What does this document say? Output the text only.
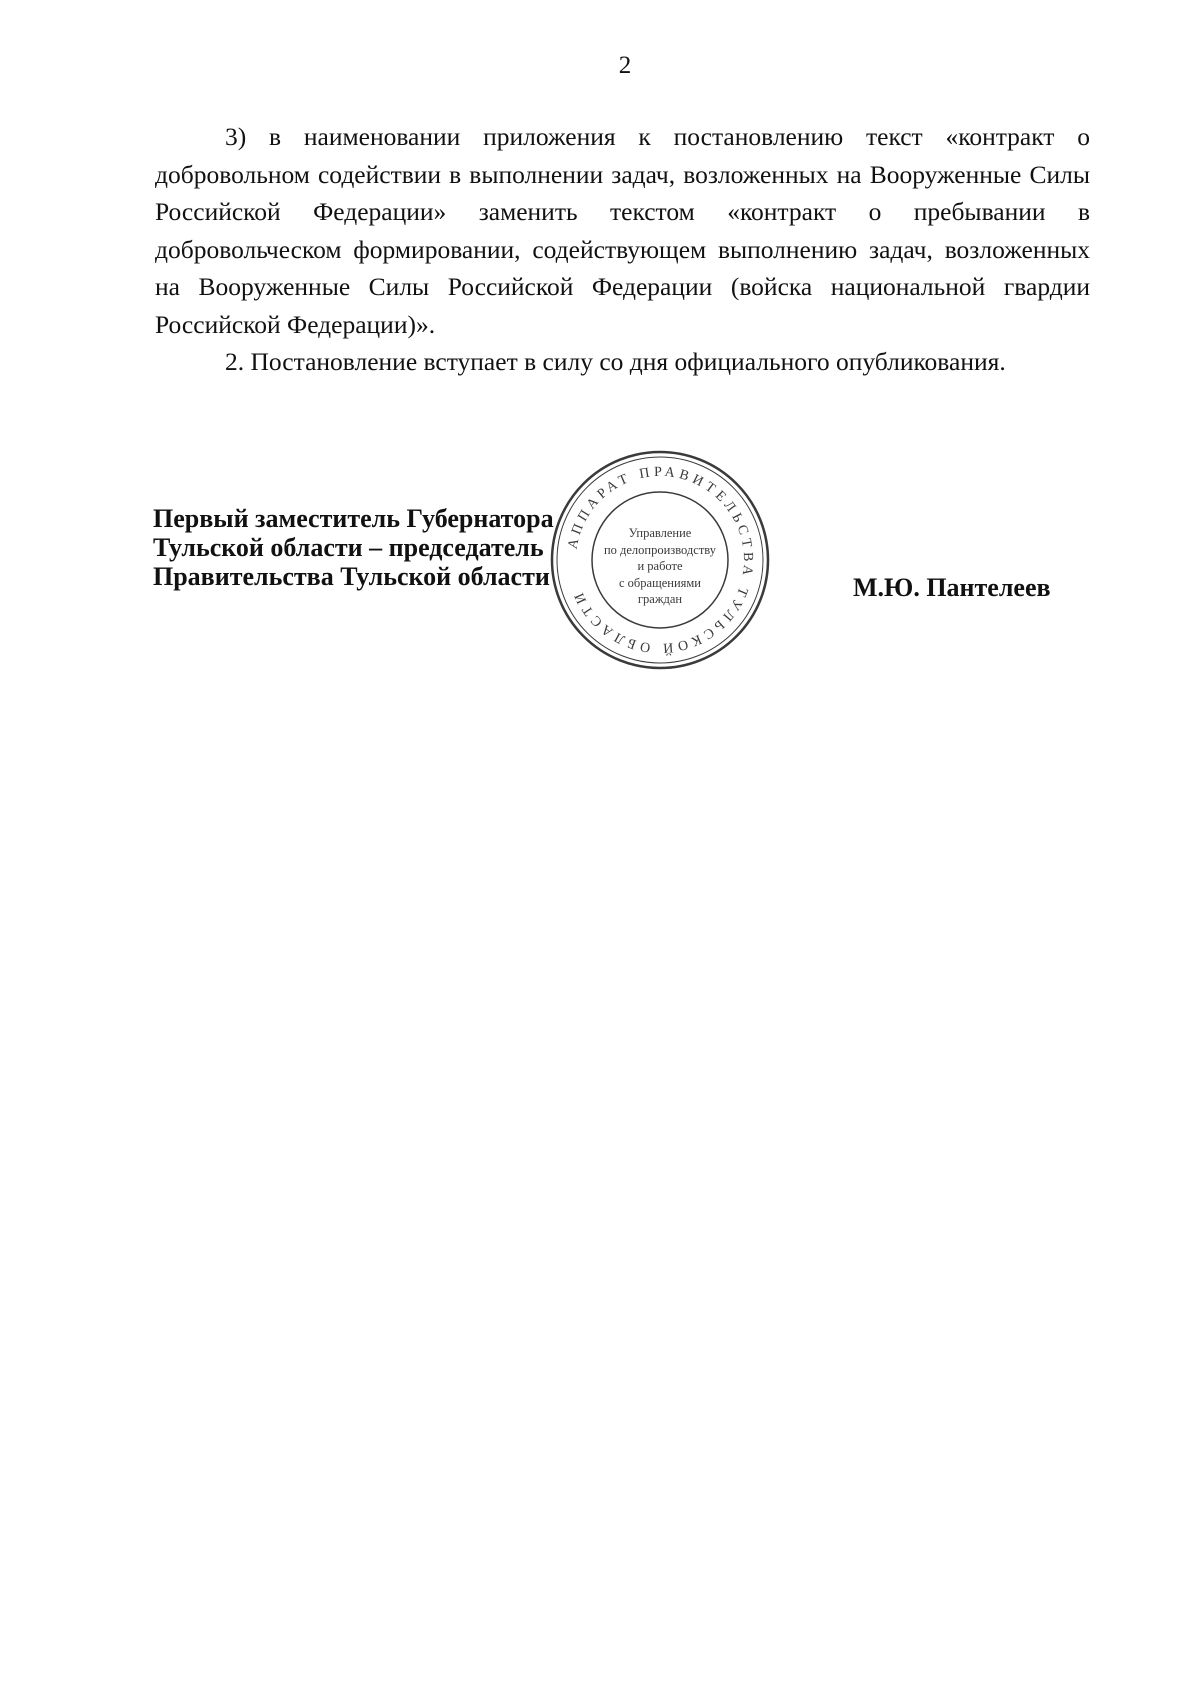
2

3) в наименовании приложения к постановлению текст «контракт о добровольном содействии в выполнении задач, возложенных на Вооруженные Силы Российской Федерации» заменить текстом «контракт о пребывании в добровольческом формировании, содействующем выполнению задач, возложенных на Вооруженные Силы Российской Федерации (войска национальной гвардии Российской Федерации)».

2. Постановление вступает в силу со дня официального опубликования.

Первый заместитель Губернатора
Тульской области – председатель
Правительства Тульской области
АППАРАТ ПРАВИТЕЛЬСТВА ТУЛЬСКОЙ ОБЛАСТИ
Управление
по делопроизводству
и работе
с обращениями
граждан	М.Ю. Пантелеев
